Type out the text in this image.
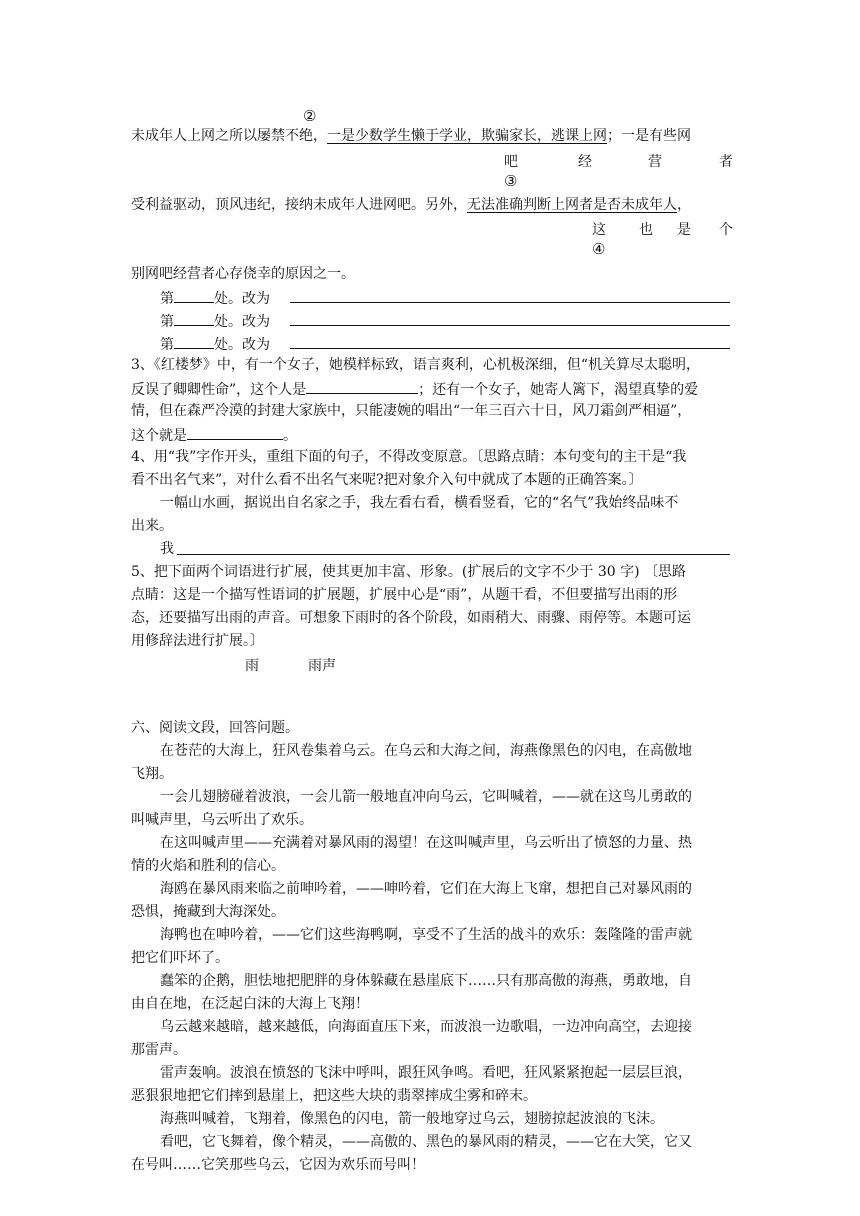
②
未成年人上网之所以屡禁不绝，一是少数学生懒于学业，欺骗家长，逃课上网；一是有些网
吧	经	营	者
③
受利益驱动，顶风违纪，接纳未成年人进网吧。另外，无法准确判断上网者是否未成年人，
这 也 是 个
④
别网吧经营者心存侥幸的原因之一。
第	处。改为
第	处。改为
第	处。改为
3、《红楼梦》中，有一个女子，她模样标致，语言爽利，心机极深细，但“机关算尽太聪明，
反误了卿卿性命”，这个人是	；还有一个女子，她寄人篱下，渴望真挚的爱
情，但在森严冷漠的封建大家族中，只能凄婉的唱出“一年三百六十日，风刀霜剑严相逼”，
这个就是	。
4、用“我”字作开头，重组下面的句子，不得改变原意。〔思路点睛：本句变句的主干是“我
看不出名气来”，对什么看不出名气来呢?把对象介入句中就成了本题的正确答案。〕
一幅山水画，据说出自名家之手，我左看右看，横看竖看，它的“名气”我始终品味不
出来。
我
5、把下面两个词语进行扩展，使其更加丰富、形象。(扩展后的文字不少于 30 字) 〔思路
点睛：这是一个描写性语词的扩展题，扩展中心是“雨”，从题干看，不但要描写出雨的形
态，还要描写出雨的声音。可想象下雨时的各个阶段，如雨稍大、雨骤、雨停等。本题可运
用修辞法进行扩展。〕
雨	雨声
六、阅读文段，回答问题。
在苍茫的大海上，狂风卷集着乌云。在乌云和大海之间，海燕像黑色的闪电，在高傲地
飞翔。
一会儿翅膀碰着波浪，一会儿箭一般地直冲向乌云，它叫喊着，——就在这鸟儿勇敢的
叫喊声里，乌云听出了欢乐。
在这叫喊声里——充满着对暴风雨的渴望！在这叫喊声里，乌云听出了愤怒的力量、热
情的火焰和胜利的信心。
海鸥在暴风雨来临之前呻吟着，——呻吟着，它们在大海上飞窜，想把自己对暴风雨的
恐惧，掩藏到大海深处。
海鸭也在呻吟着，——它们这些海鸭啊，享受不了生活的战斗的欢乐：轰隆隆的雷声就
把它们吓坏了。
蠢笨的企鹅，胆怯地把肥胖的身体躲藏在悬崖底下……只有那高傲的海燕，勇敢地，自
由自在地，在泛起白沫的大海上飞翔！
乌云越来越暗，越来越低，向海面直压下来，而波浪一边歌唱，一边冲向高空，去迎接
那雷声。
雷声轰响。波浪在愤怒的飞沫中呼叫，跟狂风争鸣。看吧，狂风紧紧抱起一层层巨浪，
恶狠狠地把它们摔到悬崖上，把这些大块的翡翠摔成尘雾和碎末。
海燕叫喊着，飞翔着，像黑色的闪电，箭一般地穿过乌云，翅膀掠起波浪的飞沫。
看吧，它飞舞着，像个精灵，——高傲的、黑色的暴风雨的精灵，——它在大笑，它又
在号叫……它笑那些乌云，它因为欢乐而号叫！
